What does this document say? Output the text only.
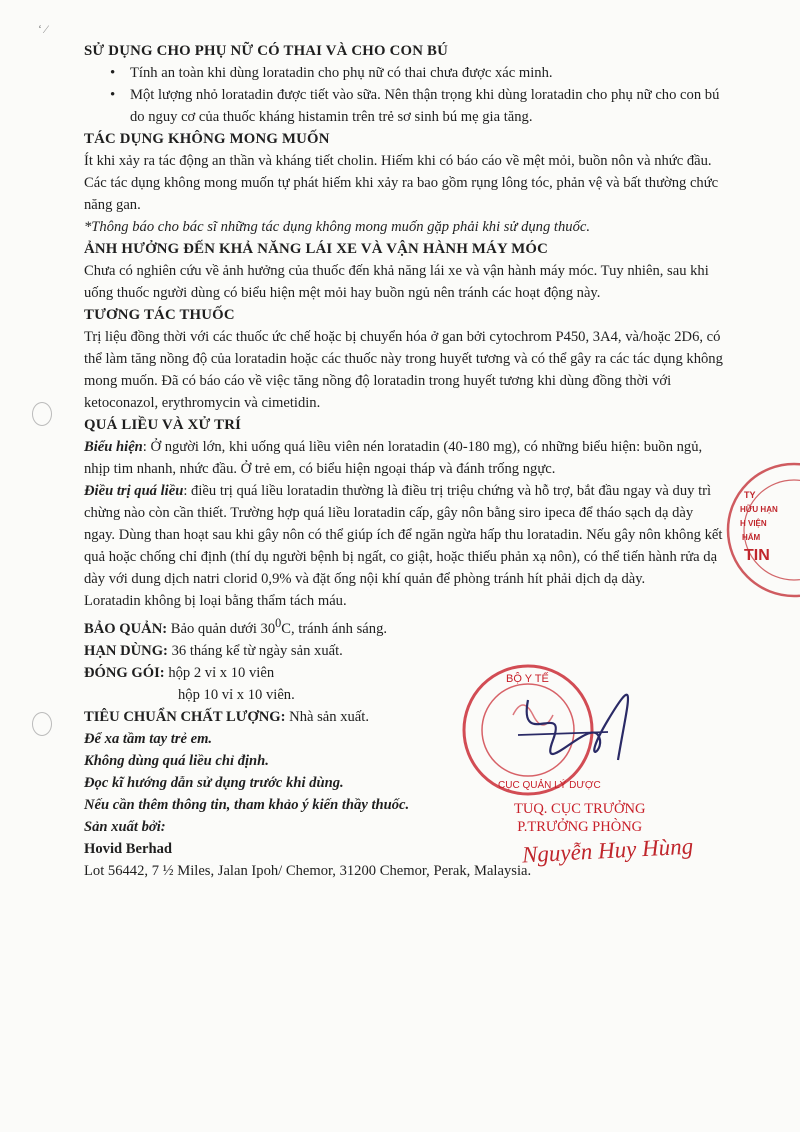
‘ ⁄
SỬ DỤNG CHO PHỤ NỮ CÓ THAI VÀ CHO CON BÚ
• Tính an toàn khi dùng loratadin cho phụ nữ có thai chưa được xác minh.
• Một lượng nhỏ loratadin được tiết vào sữa. Nên thận trọng khi dùng loratadin cho phụ nữ cho con bú do nguy cơ của thuốc kháng histamin trên trẻ sơ sinh bú mẹ gia tăng.
TÁC DỤNG KHÔNG MONG MUỐN

Ít khi xảy ra tác động an thần và kháng tiết cholin. Hiếm khi có báo cáo về mệt mỏi, buồn nôn và nhức đầu. Các tác dụng không mong muốn tự phát hiếm khi xảy ra bao gồm rụng lông tóc, phản vệ và bất thường chức năng gan.

*Thông báo cho bác sĩ những tác dụng không mong muốn gặp phải khi sử dụng thuốc.

ẢNH HƯỞNG ĐẾN KHẢ NĂNG LÁI XE VÀ VẬN HÀNH MÁY MÓC

Chưa có nghiên cứu về ảnh hưởng của thuốc đến khả năng lái xe và vận hành máy móc. Tuy nhiên, sau khi uống thuốc người dùng có biểu hiện mệt mỏi hay buồn ngủ nên tránh các hoạt động này.

TƯƠNG TÁC THUỐC

Trị liệu đồng thời với các thuốc ức chế hoặc bị chuyển hóa ở gan bởi cytochrom P450, 3A4, và/hoặc 2D6, có thể làm tăng nồng độ của loratadin hoặc các thuốc này trong huyết tương và có thể gây ra các tác dụng không mong muốn. Đã có báo cáo về việc tăng nồng độ loratadin trong huyết tương khi dùng đồng thời với ketoconazol, erythromycin và cimetidin.

QUÁ LIỀU VÀ XỬ TRÍ

Biểu hiện: Ở người lớn, khi uống quá liều viên nén loratadin (40-180 mg), có những biểu hiện: buồn ngủ, nhịp tim nhanh, nhức đầu. Ở trẻ em, có biểu hiện ngoại tháp và đánh trống ngực.

Điều trị quá liều: điều trị quá liều loratadin thường là điều trị triệu chứng và hỗ trợ, bắt đầu ngay và duy trì chừng nào còn cần thiết. Trường hợp quá liều loratadin cấp, gây nôn bằng siro ipeca để tháo sạch dạ dày ngay. Dùng than hoạt sau khi gây nôn có thể giúp ích để ngăn ngừa hấp thu loratadin. Nếu gây nôn không kết quả hoặc chống chỉ định (thí dụ người bệnh bị ngất, co giật, hoặc thiếu phản xạ nôn), có thể tiến hành rửa dạ dày với dung dịch natri clorid 0,9% và đặt ống nội khí quản để phòng tránh hít phải dịch dạ dày.

Loratadin không bị loại bằng thẩm tách máu.

BẢO QUẢN: Bảo quản dưới $30^0C$, tránh ánh sáng.

HẠN DÙNG: 36 tháng kể từ ngày sản xuất.

ĐÓNG GÓI: hộp 2 vỉ x 10 viên

hộp 10 vỉ x 10 viên.

TIÊU CHUẨN CHẤT LƯỢNG: Nhà sản xuất.

Để xa tầm tay trẻ em.

Không dùng quá liều chỉ định.

Đọc kĩ hướng dẫn sử dụng trước khi dùng.

Nếu cần thêm thông tin, tham khảo ý kiến thầy thuốc.

Sản xuất bởi:

Hovid Berhad

Lot 56442, 7 ½ Miles, Jalan Ipoh/ Chemor, 31200 Chemor, Perak, Malaysia.

TY
HỮU HẠN
H VIỆN
HẨM
TIN
BỘ Y TẾ
CỤC QUẢN LÝ DƯỢC
TUQ. CỤC TRƯỞNG
P.TRƯỞNG PHÒNG
Nguyễn Huy Hùng
